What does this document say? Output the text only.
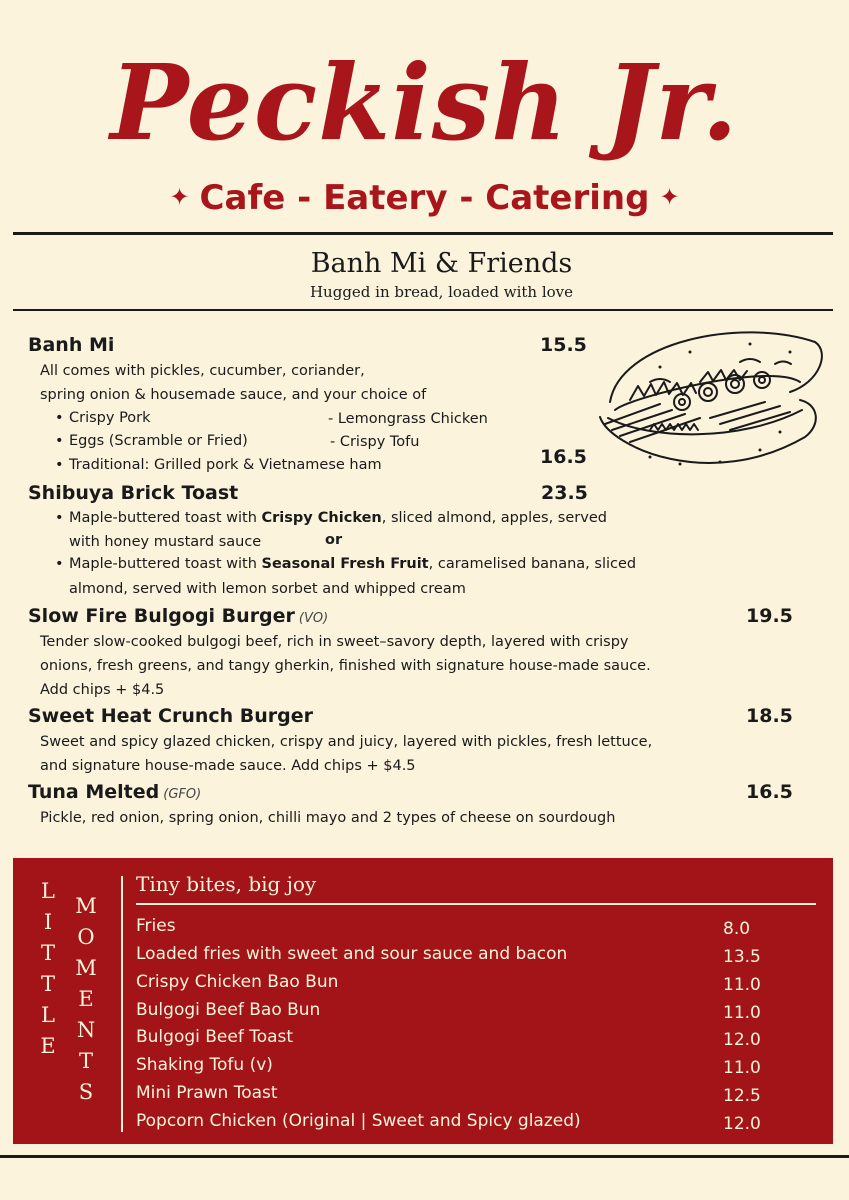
Peckish Jr.
✦ Cafe - Eatery - Catering ✦
Banh Mi & Friends
Hugged in bread, loaded with love
Banh Mi	15.5
All comes with pickles, cucumber, coriander,
spring onion & housemade sauce, and your choice of
• Crispy Pork	- Lemongrass Chicken
• Eggs (Scramble or Fried)	- Crispy Tofu
• Traditional: Grilled pork & Vietnamese ham	16.5
Shibuya Brick Toast	23.5
• Maple-buttered toast with Crispy Chicken, sliced almond, apples, served
with honey mustard sauce	or
• Maple-buttered toast with Seasonal Fresh Fruit, caramelised banana, sliced
almond, served with lemon sorbet and whipped cream
Slow Fire Bulgogi Burger (VO)	19.5
Tender slow-cooked bulgogi beef, rich in sweet–savory depth, layered with crispy
onions, fresh greens, and tangy gherkin, finished with signature house-made sauce.
Add chips + $4.5
Sweet Heat Crunch Burger	18.5
Sweet and spicy glazed chicken, crispy and juicy, layered with pickles, fresh lettuce,
and signature house-made sauce. Add chips + $4.5
Tuna Melted (GFO)	16.5
Pickle, red onion, spring onion, chilli mayo and 2 types of cheese on sourdough
L
I
T
T
L
E
M
O
M
E
N
T
S
Tiny bites, big joy
Fries	8.0
Loaded fries with sweet and sour sauce and bacon	13.5
Crispy Chicken Bao Bun	11.0
Bulgogi Beef Bao Bun	11.0
Bulgogi Beef Toast	12.0
Shaking Tofu (v)	11.0
Mini Prawn Toast	12.5
Popcorn Chicken (Original | Sweet and Spicy glazed)	12.0
